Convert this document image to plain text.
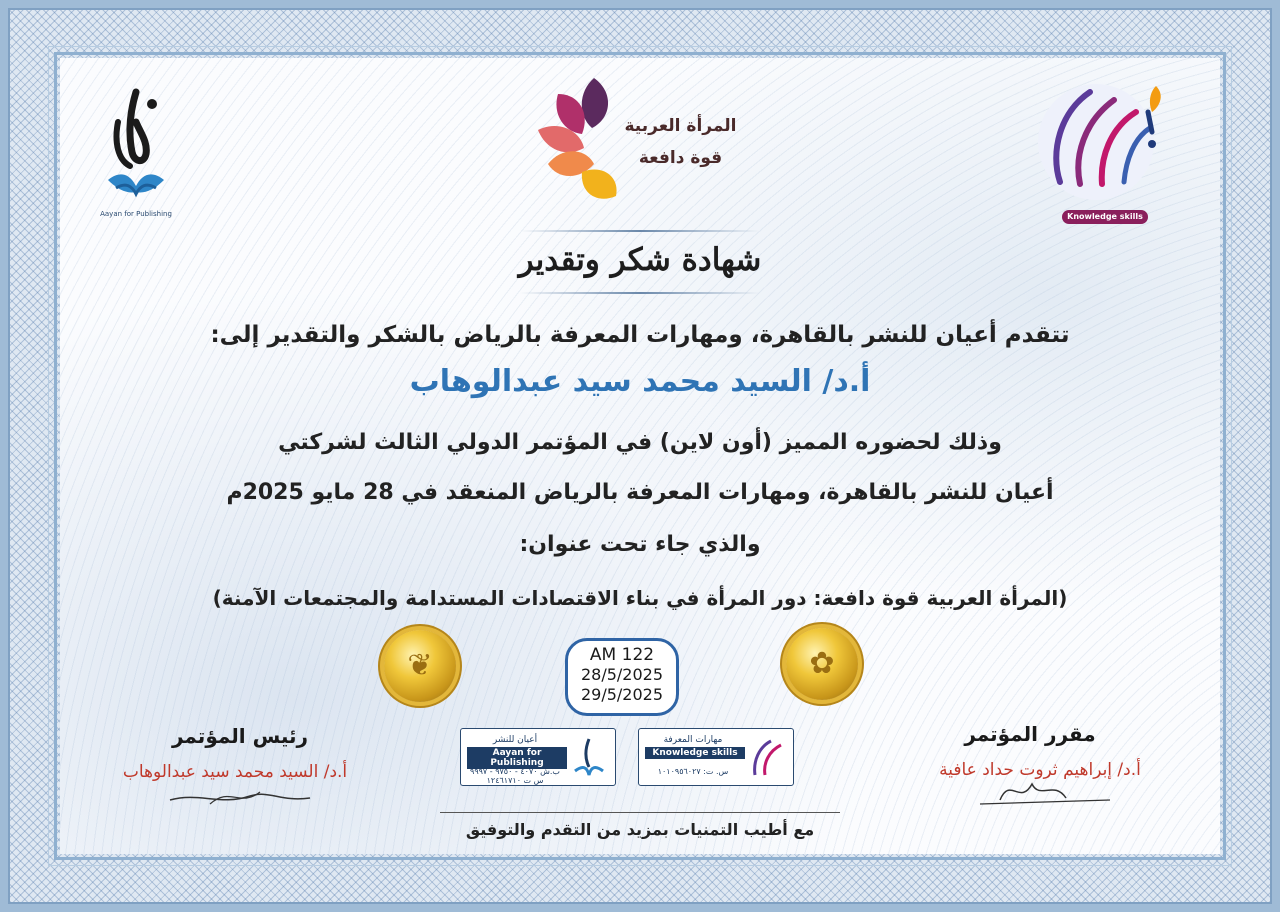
Aayan for Publishing	Knowledge skills
المرأة العربية
قوة دافعة
شهادة شكر وتقدير
تتقدم أعيان للنشر بالقاهرة، ومهارات المعرفة بالرياض بالشكر والتقدير إلى:
أ.د/ السيد محمد سيد عبدالوهاب
وذلك لحضوره المميز (أون لاين) في المؤتمر الدولي الثالث لشركتي
أعيان للنشر بالقاهرة، ومهارات المعرفة بالرياض المنعقد في 28 مايو 2025م
والذي جاء تحت عنوان:
(المرأة العربية قوة دافعة: دور المرأة في بناء الاقتصادات المستدامة والمجتمعات الآمنة)
❦	✿
AM 122
28/5/2025
29/5/2025
رئيس المؤتمر
أ.د/ السيد محمد سيد عبدالوهاب
مقرر المؤتمر
أ.د/ إبراهيم ثروت حداد عافية
أعيان للنشر
Aayan for Publishing
ب.ش ٤٠٧٠ - ٩٧٥٠ - ٩٩٩٧ س ت ١٢٤٦١٧١٠
مهارات المعرفة
Knowledge skills
س. ت: ١٠١٠٩٥٦٠٢٧
مع أطيب التمنيات بمزيد من التقدم والتوفيق
